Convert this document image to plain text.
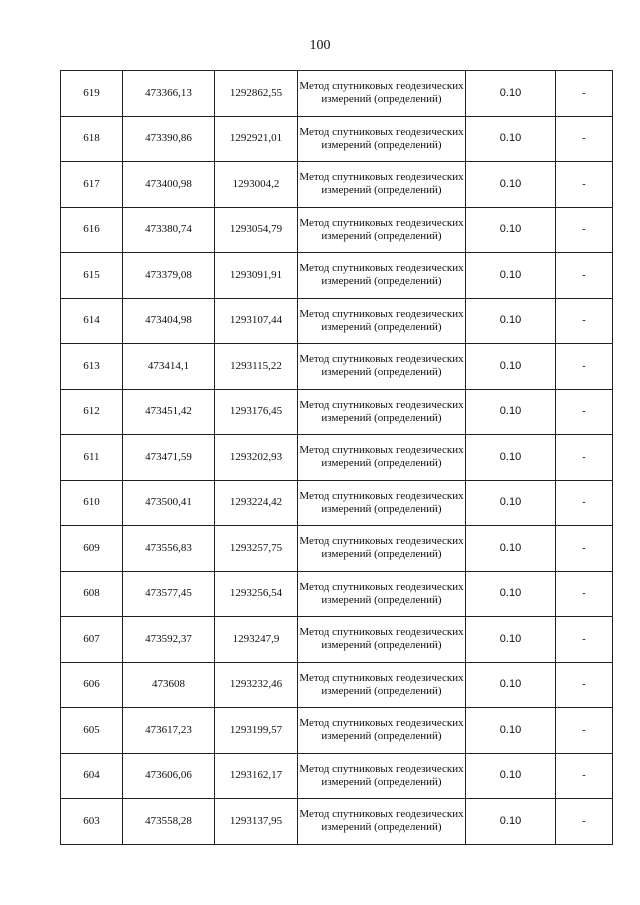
100
619	473366,13	1292862,55	Метод спутниковых геодезических измерений (определений)	0.10	-
618	473390,86	1292921,01	Метод спутниковых геодезических измерений (определений)	0.10	-
617	473400,98	1293004,2	Метод спутниковых геодезических измерений (определений)	0.10	-
616	473380,74	1293054,79	Метод спутниковых геодезических измерений (определений)	0.10	-
615	473379,08	1293091,91	Метод спутниковых геодезических измерений (определений)	0.10	-
614	473404,98	1293107,44	Метод спутниковых геодезических измерений (определений)	0.10	-
613	473414,1	1293115,22	Метод спутниковых геодезических измерений (определений)	0.10	-
612	473451,42	1293176,45	Метод спутниковых геодезических измерений (определений)	0.10	-
611	473471,59	1293202,93	Метод спутниковых геодезических измерений (определений)	0.10	-
610	473500,41	1293224,42	Метод спутниковых геодезических измерений (определений)	0.10	-
609	473556,83	1293257,75	Метод спутниковых геодезических измерений (определений)	0.10	-
608	473577,45	1293256,54	Метод спутниковых геодезических измерений (определений)	0.10	-
607	473592,37	1293247,9	Метод спутниковых геодезических измерений (определений)	0.10	-
606	473608	1293232,46	Метод спутниковых геодезических измерений (определений)	0.10	-
605	473617,23	1293199,57	Метод спутниковых геодезических измерений (определений)	0.10	-
604	473606,06	1293162,17	Метод спутниковых геодезических измерений (определений)	0.10	-
603	473558,28	1293137,95	Метод спутниковых геодезических измерений (определений)	0.10	-
